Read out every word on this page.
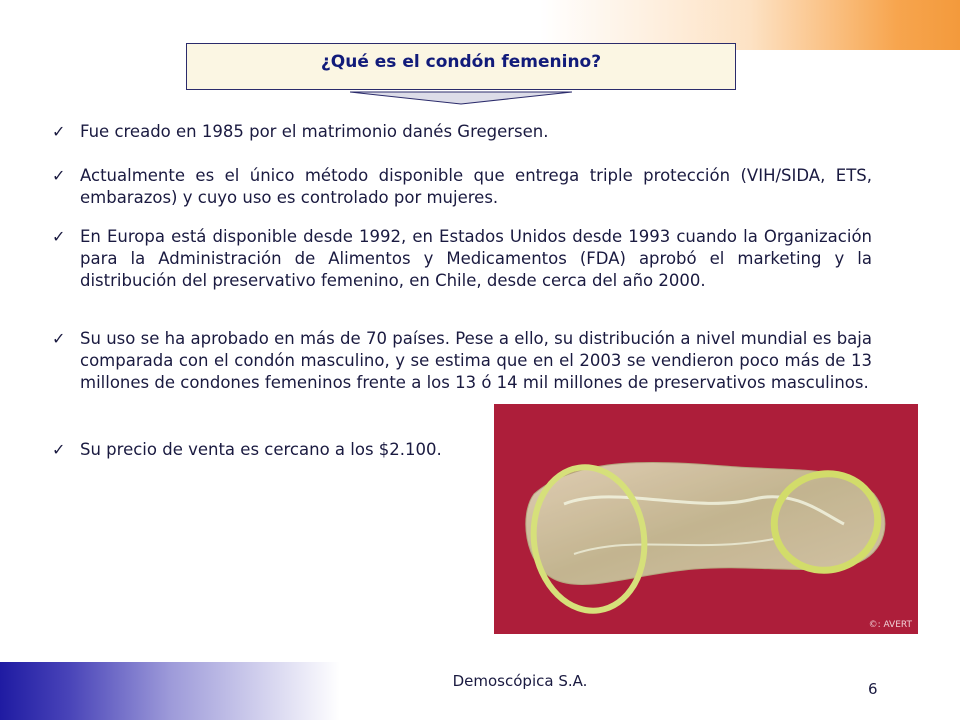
¿Qué es el condón femenino?
✓ Fue creado en 1985 por el matrimonio danés Gregersen.
✓ Actualmente es el único método disponible que entrega triple protección (VIH/SIDA, ETS, embarazos) y cuyo uso es controlado por mujeres.
✓ En Europa está disponible desde 1992, en Estados Unidos desde 1993 cuando la Organización para la Administración de Alimentos y Medicamentos (FDA) aprobó el marketing y la distribución del preservativo femenino, en Chile, desde cerca del año 2000.
✓ Su uso se ha aprobado en más de 70 países. Pese a ello, su distribución a nivel mundial es baja comparada con el condón masculino, y se estima que en el 2003 se vendieron poco más de 13 millones de condones femeninos frente a los 13 ó 14 mil millones de preservativos masculinos.
✓ Su precio de venta es cercano a los $2.100.
©: AVERT
Demoscópica S.A.	6
